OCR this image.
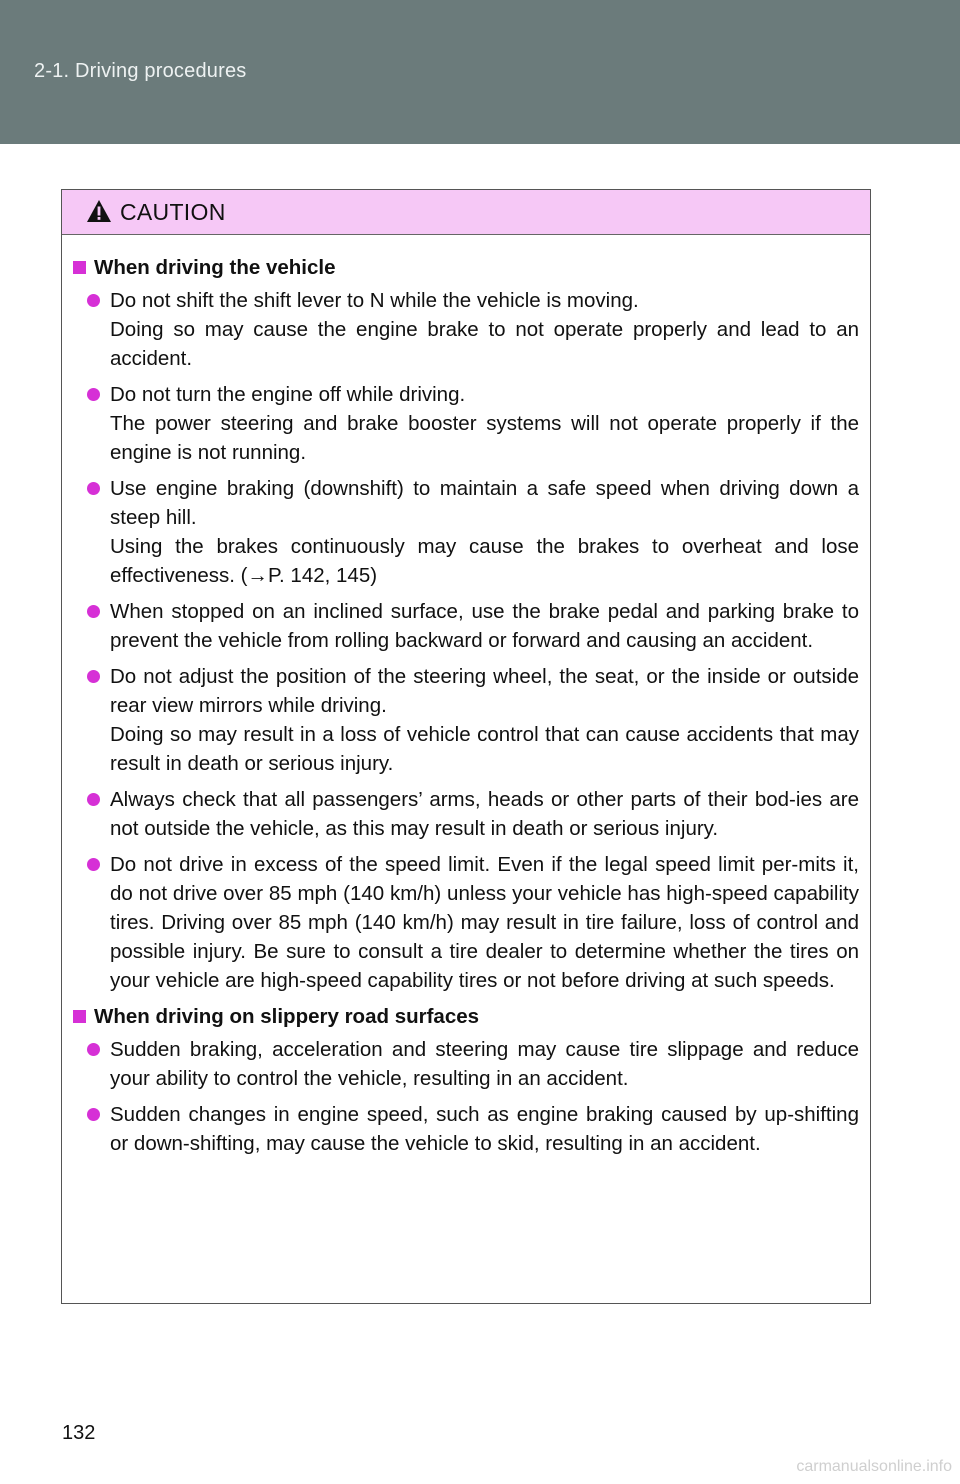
2-1. Driving procedures
CAUTION
When driving the vehicle

Do not shift the shift lever to N while the vehicle is moving.

Doing so may cause the engine brake to not operate properly and lead to an accident.

Do not turn the engine off while driving.

The power steering and brake booster systems will not operate properly if the engine is not running.

Use engine braking (downshift) to maintain a safe speed when driving down a steep hill.

Using the brakes continuously may cause the brakes to overheat and lose effectiveness. (→P. 142, 145)

When stopped on an inclined surface, use the brake pedal and parking brake to prevent the vehicle from rolling backward or forward and causing an accident.

Do not adjust the position of the steering wheel, the seat, or the inside or outside rear view mirrors while driving.

Doing so may result in a loss of vehicle control that can cause accidents that may result in death or serious injury.

Always check that all passengers’ arms, heads or other parts of their bod-ies are not outside the vehicle, as this may result in death or serious injury.

Do not drive in excess of the speed limit. Even if the legal speed limit per-mits it, do not drive over 85 mph (140 km/h) unless your vehicle has high-speed capability tires. Driving over 85 mph (140 km/h) may result in tire failure, loss of control and possible injury. Be sure to consult a tire dealer to determine whether the tires on your vehicle are high-speed capability tires or not before driving at such speeds.

When driving on slippery road surfaces

Sudden braking, acceleration and steering may cause tire slippage and reduce your ability to control the vehicle, resulting in an accident.

Sudden changes in engine speed, such as engine braking caused by up-shifting or down-shifting, may cause the vehicle to skid, resulting in an accident.

132
carmanualsonline.info
